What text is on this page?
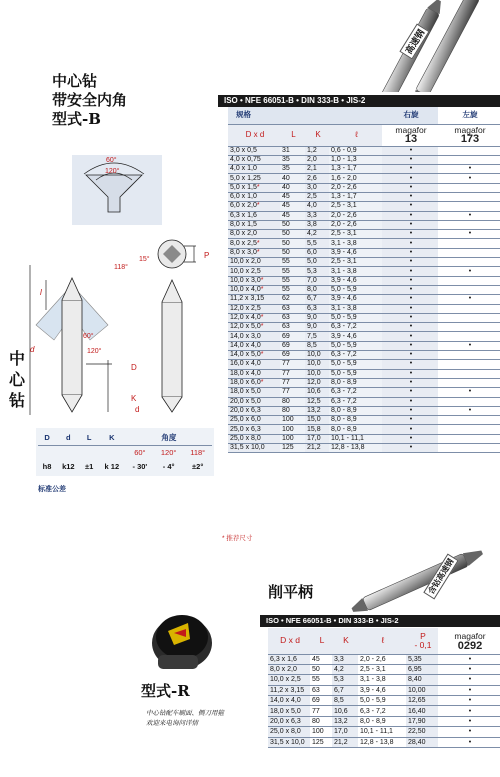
中心钻
带安全内角
型式-B
中心钻
高速钢
60°
120°
118°
15°	P
l
60°
120°
D
K
d
d
D	d	L	K	角度		
				60°	120°	118°
h8	k12	±1	k 12	- 30'	- 4°	±2°
标准公差
ISO • NFE 66051-B • DIN 333-B • JIS-2
规格				右旋	左旋
D x d	L	K	ℓ	magafor
13	magafor
173
3,0 x 0,5	31	1,2	0,6 - 0,9	•	
4,0 x 0,75	35	2,0	1,0 - 1,3	•	
4,0 x 1,0	35	2,1	1,3 - 1,7	•	•
5,0 x 1,25	40	2,6	1,6 - 2,0	•	•
5,0 x 1,5*	40	3,0	2,0 - 2,6	•	
6,0 x 1,0	45	2,5	1,3 - 1,7	•	
6,0 x 2,0*	45	4,0	2,5 - 3,1	•	
6,3 x 1,6	45	3,3	2,0 - 2,6	•	•
8,0 x 1,5	50	3,8	2,0 - 2,6	•	
8,0 x 2,0	50	4,2	2,5 - 3,1	•	•
8,0 x 2,5*	50	5,5	3,1 - 3,8	•	
8,0 x 3,0*	50	6,0	3,9 - 4,6	•	
10,0 x 2,0	55	5,0	2,5 - 3,1	•	
10,0 x 2,5	55	5,3	3,1 - 3,8	•	•
10,0 x 3,0*	55	7,0	3,9 - 4,6	•	
10,0 x 4,0*	55	8,0	5,0 - 5,9	•	
11,2 x 3,15	62	6,7	3,9 - 4,6	•	•
12,0 x 2,5	63	6,3	3,1 - 3,8	•	
12,0 x 4,0*	63	9,0	5,0 - 5,9	•	
12,0 x 5,0*	63	9,0	6,3 - 7,2	•	
14,0 x 3,0	69	7,5	3,9 - 4,6	•	
14,0 x 4,0	69	8,5	5,0 - 5,9	•	•
14,0 x 5,0*	69	10,0	6,3 - 7,2	•	
16,0 x 4,0	77	10,0	5,0 - 5,9	•	
18,0 x 4,0	77	10,0	5,0 - 5,9	•	
18,0 x 6,0*	77	12,0	8,0 - 8,9	•	
18,0 x 5,0	77	10,6	6,3 - 7,2	•	•
20,0 x 5,0	80	12,5	6,3 - 7,2	•	
20,0 x 6,3	80	13,2	8,0 - 8,9	•	•
25,0 x 6,0	100	15,0	8,0 - 8,9	•	
25,0 x 6,3	100	15,8	8,0 - 8,9	•	
25,0 x 8,0	100	17,0	10,1 - 11,1	•	
31,5 x 10,0	125	21,2	12,8 - 13,8	•	
* 推荐尺寸
削平柄	含钴高速钢
型式-R
中心钻配车刷面、侧刀用箍
欢迎来电询问详情
ISO • NFE 66051-B • DIN 333-B • JIS-2
D x d	L	K	ℓ	P
- 0,1	magafor
0292
6,3 x 1,6	45	3,3	2,0 - 2,6	5,35	•
8,0 x 2,0	50	4,2	2,5 - 3,1	6,95	•
10,0 x 2,5	55	5,3	3,1 - 3,8	8,40	•
11,2 x 3,15	63	6,7	3,9 - 4,6	10,00	•
14,0 x 4,0	69	8,5	5,0 - 5,9	12,65	•
18,0 x 5,0	77	10,6	6,3 - 7,2	16,40	•
20,0 x 6,3	80	13,2	8,0 - 8,9	17,90	•
25,0 x 8,0	100	17,0	10,1 - 11,1	22,50	•
31,5 x 10,0	125	21,2	12,8 - 13,8	28,40	•
